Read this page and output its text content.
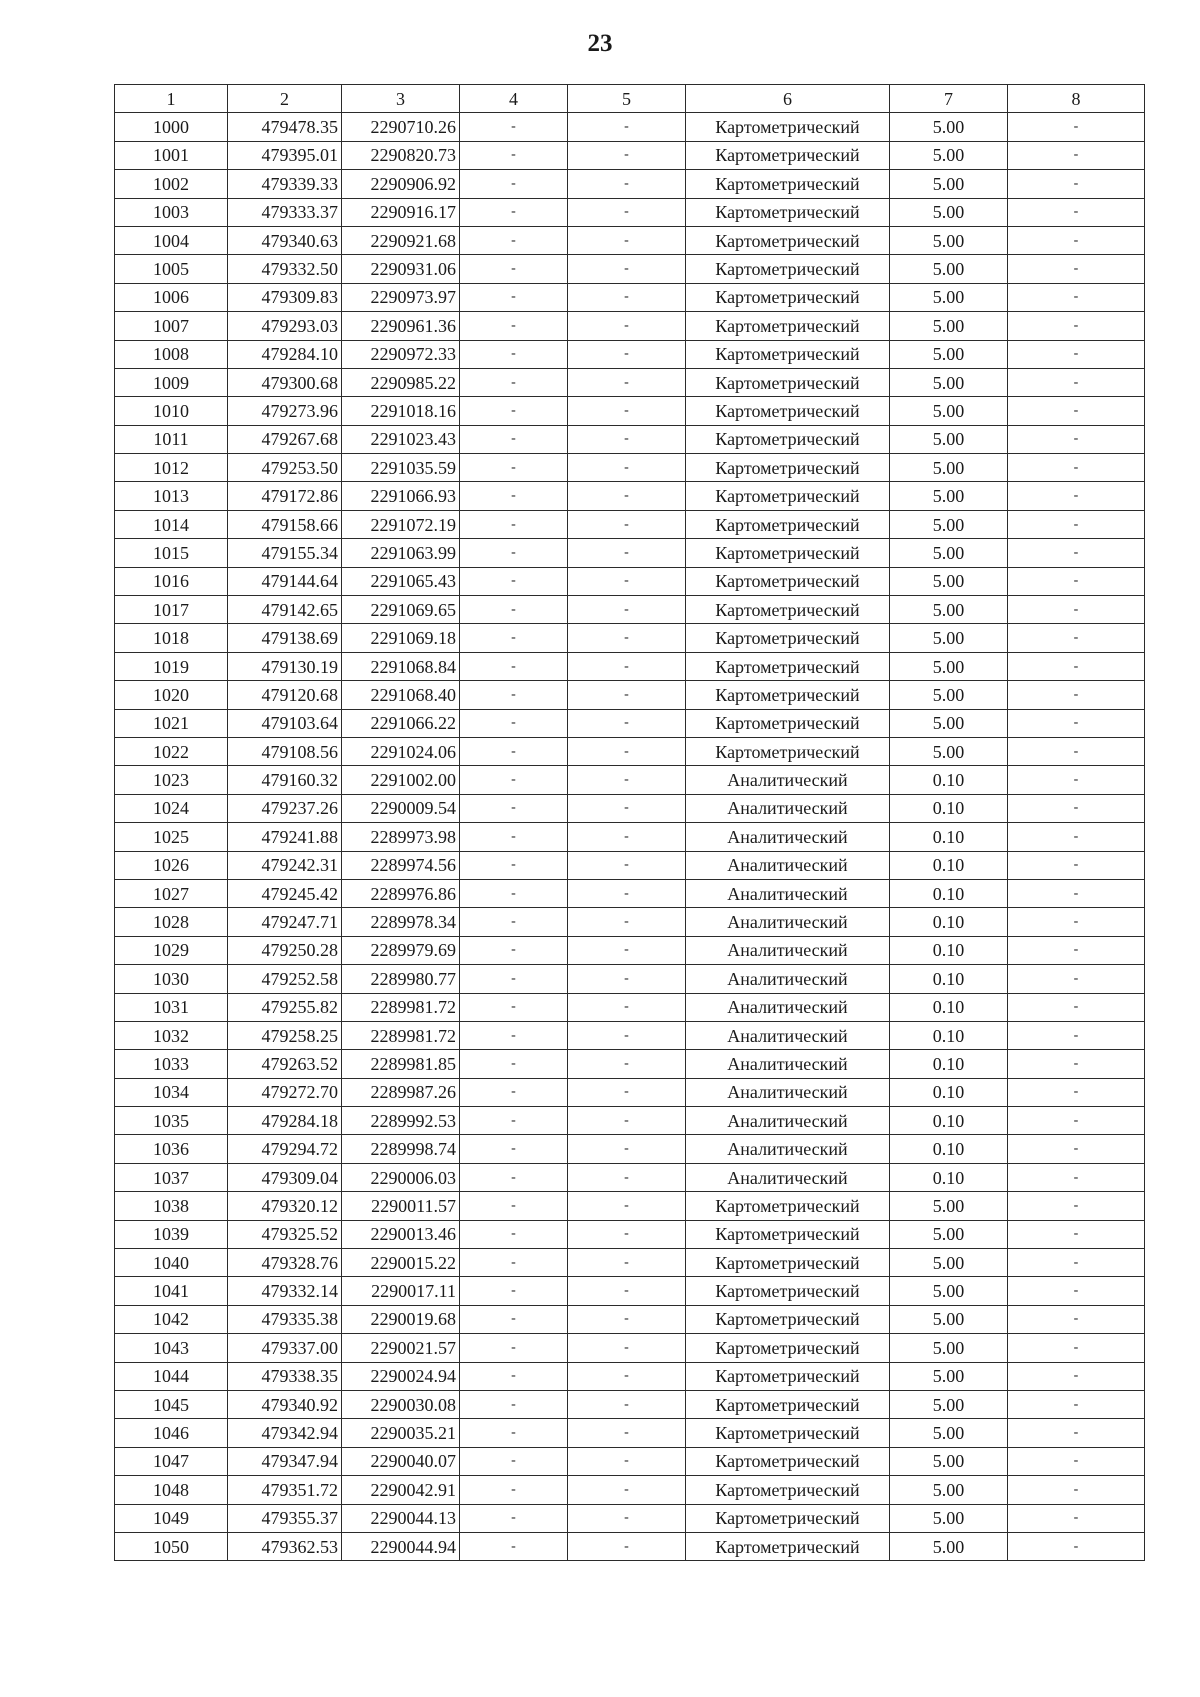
23
1	2	3	4	5	6	7	8
1000	479478.35	2290710.26	-	-	Картометрический	5.00	-
1001	479395.01	2290820.73	-	-	Картометрический	5.00	-
1002	479339.33	2290906.92	-	-	Картометрический	5.00	-
1003	479333.37	2290916.17	-	-	Картометрический	5.00	-
1004	479340.63	2290921.68	-	-	Картометрический	5.00	-
1005	479332.50	2290931.06	-	-	Картометрический	5.00	-
1006	479309.83	2290973.97	-	-	Картометрический	5.00	-
1007	479293.03	2290961.36	-	-	Картометрический	5.00	-
1008	479284.10	2290972.33	-	-	Картометрический	5.00	-
1009	479300.68	2290985.22	-	-	Картометрический	5.00	-
1010	479273.96	2291018.16	-	-	Картометрический	5.00	-
1011	479267.68	2291023.43	-	-	Картометрический	5.00	-
1012	479253.50	2291035.59	-	-	Картометрический	5.00	-
1013	479172.86	2291066.93	-	-	Картометрический	5.00	-
1014	479158.66	2291072.19	-	-	Картометрический	5.00	-
1015	479155.34	2291063.99	-	-	Картометрический	5.00	-
1016	479144.64	2291065.43	-	-	Картометрический	5.00	-
1017	479142.65	2291069.65	-	-	Картометрический	5.00	-
1018	479138.69	2291069.18	-	-	Картометрический	5.00	-
1019	479130.19	2291068.84	-	-	Картометрический	5.00	-
1020	479120.68	2291068.40	-	-	Картометрический	5.00	-
1021	479103.64	2291066.22	-	-	Картометрический	5.00	-
1022	479108.56	2291024.06	-	-	Картометрический	5.00	-
1023	479160.32	2291002.00	-	-	Аналитический	0.10	-
1024	479237.26	2290009.54	-	-	Аналитический	0.10	-
1025	479241.88	2289973.98	-	-	Аналитический	0.10	-
1026	479242.31	2289974.56	-	-	Аналитический	0.10	-
1027	479245.42	2289976.86	-	-	Аналитический	0.10	-
1028	479247.71	2289978.34	-	-	Аналитический	0.10	-
1029	479250.28	2289979.69	-	-	Аналитический	0.10	-
1030	479252.58	2289980.77	-	-	Аналитический	0.10	-
1031	479255.82	2289981.72	-	-	Аналитический	0.10	-
1032	479258.25	2289981.72	-	-	Аналитический	0.10	-
1033	479263.52	2289981.85	-	-	Аналитический	0.10	-
1034	479272.70	2289987.26	-	-	Аналитический	0.10	-
1035	479284.18	2289992.53	-	-	Аналитический	0.10	-
1036	479294.72	2289998.74	-	-	Аналитический	0.10	-
1037	479309.04	2290006.03	-	-	Аналитический	0.10	-
1038	479320.12	2290011.57	-	-	Картометрический	5.00	-
1039	479325.52	2290013.46	-	-	Картометрический	5.00	-
1040	479328.76	2290015.22	-	-	Картометрический	5.00	-
1041	479332.14	2290017.11	-	-	Картометрический	5.00	-
1042	479335.38	2290019.68	-	-	Картометрический	5.00	-
1043	479337.00	2290021.57	-	-	Картометрический	5.00	-
1044	479338.35	2290024.94	-	-	Картометрический	5.00	-
1045	479340.92	2290030.08	-	-	Картометрический	5.00	-
1046	479342.94	2290035.21	-	-	Картометрический	5.00	-
1047	479347.94	2290040.07	-	-	Картометрический	5.00	-
1048	479351.72	2290042.91	-	-	Картометрический	5.00	-
1049	479355.37	2290044.13	-	-	Картометрический	5.00	-
1050	479362.53	2290044.94	-	-	Картометрический	5.00	-
